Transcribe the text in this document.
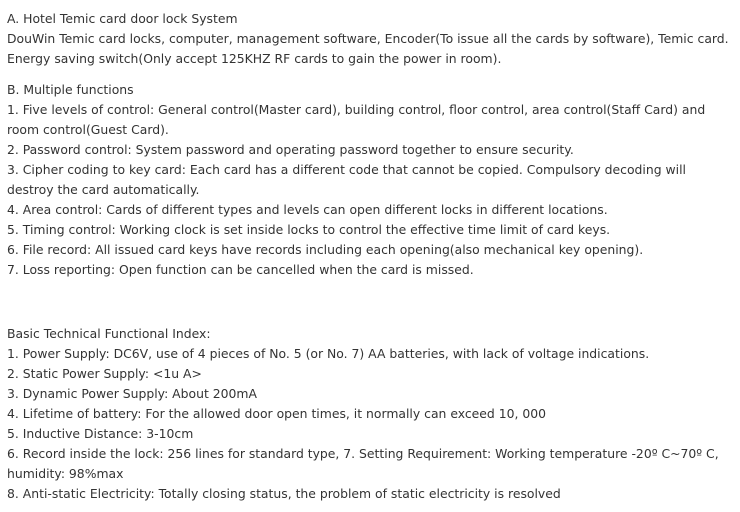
A. Hotel Temic card door lock System
DouWin Temic card locks, computer, management software, Encoder(To issue all the cards by software), Temic card.
Energy saving switch(Only accept 125KHZ RF cards to gain the power in room).
B. Multiple functions
1. Five levels of control: General control(Master card), building control, floor control, area control(Staff Card) and room control(Guest Card).
2. Password control: System password and operating password together to ensure security.
3. Cipher coding to key card: Each card has a different code that cannot be copied. Compulsory decoding will destroy the card automatically.
4. Area control: Cards of different types and levels can open different locks in different locations.
5. Timing control: Working clock is set inside locks to control the effective time limit of card keys.
6. File record: All issued card keys have records including each opening(also mechanical key opening).
7. Loss reporting: Open function can be cancelled when the card is missed.
Basic Technical Functional Index:
1. Power Supply: DC6V, use of 4 pieces of No. 5 (or No. 7) AA batteries, with lack of voltage indications.
2. Static Power Supply: <1u A>
3. Dynamic Power Supply: About 200mA
4. Lifetime of battery: For the allowed door open times, it normally can exceed 10, 000
5. Inductive Distance: 3-10cm
6. Record inside the lock: 256 lines for standard type, 7. Setting Requirement: Working temperature -20º C~70º C, humidity: 98%max
8. Anti-static Electricity: Totally closing status, the problem of static electricity is resolved
